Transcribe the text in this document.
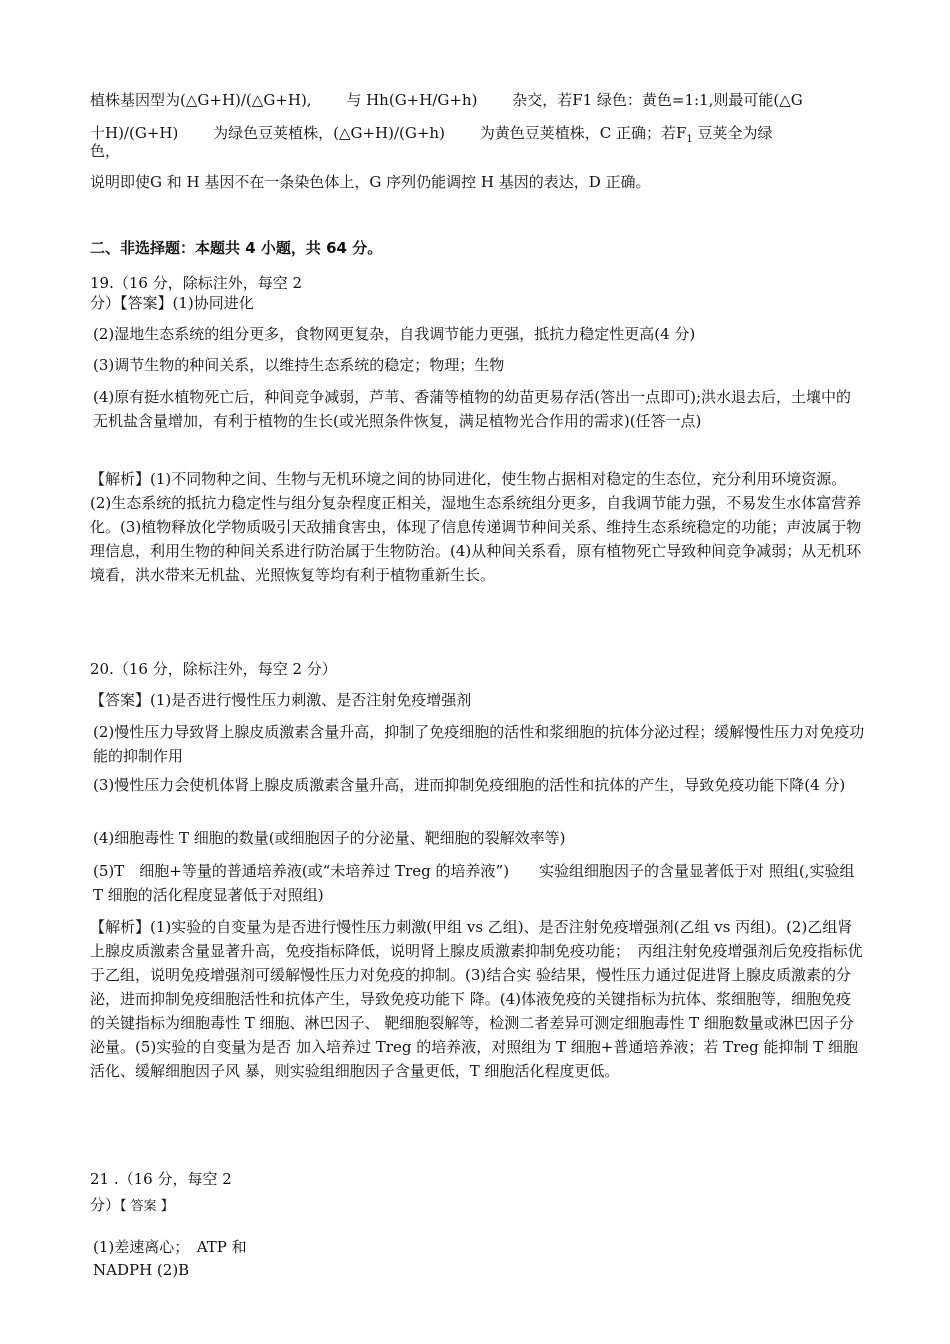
植株基因型为(△G+H)/(△G+H),　　 与 Hh(G+H/G+h)　　 杂交，若F1 绿色：黄色=1:1,则最可能(△G

十H)/(G+H)　　 为绿色豆荚植株，(△G+H)/(G+h)　　 为黄色豆荚植株，C 正确；若$F_1$ 豆荚全为绿

色，

说明即使G 和 H 基因不在一条染色体上，G 序列仍能调控 H 基因的表达，D 正确。

二、非选择题：本题共 4 小题，共 64 分。

19.（16 分，除标注外，每空 2

分）【答案】(1)协同进化

(2)湿地生态系统的组分更多，食物网更复杂，自我调节能力更强，抵抗力稳定性更高(4 分)

(3)调节生物的种间关系，以维持生态系统的稳定；物理；生物

(4)原有挺水植物死亡后，种间竞争减弱，芦苇、香蒲等植物的幼苗更易存活(答出一点即可);洪水退去后，土壤中的无机盐含量增加，有利于植物的生长(或光照条件恢复，满足植物光合作用的需求)(任答一点)

【解析】(1)不同物种之间、生物与无机环境之间的协同进化，使生物占据相对稳定的生态位，充分利用环境资源。(2)生态系统的抵抗力稳定性与组分复杂程度正相关，湿地生态系统组分更多，自我调节能力强，不易发生水体富营养化。(3)植物释放化学物质吸引天敌捕食害虫，体现了信息传递调节种间关系、维持生态系统稳定的功能；声波属于物理信息，利用生物的种间关系进行防治属于生物防治。(4)从种间关系看，原有植物死亡导致种间竞争减弱；从无机环境看，洪水带来无机盐、光照恢复等均有利于植物重新生长。

20.（16 分，除标注外，每空 2 分）

【答案】(1)是否进行慢性压力刺激、是否注射免疫增强剂

(2)慢性压力导致肾上腺皮质激素含量升高，抑制了免疫细胞的活性和浆细胞的抗体分泌过程；缓解慢性压力对免疫功能的抑制作用

(3)慢性压力会使机体肾上腺皮质激素含量升高，进而抑制免疫细胞的活性和抗体的产生，导致免疫功能下降(4 分)

(4)细胞毒性 T 细胞的数量(或细胞因子的分泌量、靶细胞的裂解效率等)

(5)T　细胞+等量的普通培养液(或“未培养过 Treg 的培养液”)　　实验组细胞因子的含量显著低于对 照组(,实验组 T 细胞的活化程度显著低于对照组)

【解析】(1)实验的自变量为是否进行慢性压力刺激(甲组 vs 乙组)、是否注射免疫增强剂(乙组 vs 丙组)。(2)乙组肾上腺皮质激素含量显著升高，免疫指标降低，说明肾上腺皮质激素抑制免疫功能；　丙组注射免疫增强剂后免疫指标优于乙组，说明免疫增强剂可缓解慢性压力对免疫的抑制。(3)结合实 验结果，慢性压力通过促进肾上腺皮质激素的分泌，进而抑制免疫细胞活性和抗体产生，导致免疫功能下 降。(4)体液免疫的关键指标为抗体、浆细胞等，细胞免疫的关键指标为细胞毒性 T 细胞、淋巴因子、 靶细胞裂解等，检测二者差异可测定细胞毒性 T 细胞数量或淋巴因子分泌量。(5)实验的自变量为是否 加入培养过 Treg 的培养液，对照组为 T 细胞+普通培养液；若 Treg 能抑制 T 细胞活化、缓解细胞因子风 暴，则实验组细胞因子含量更低，T 细胞活化程度更低。

21 .（16 分，每空 2

分）【 答案 】

(1)差速离心；　ATP 和

NADPH (2)B
